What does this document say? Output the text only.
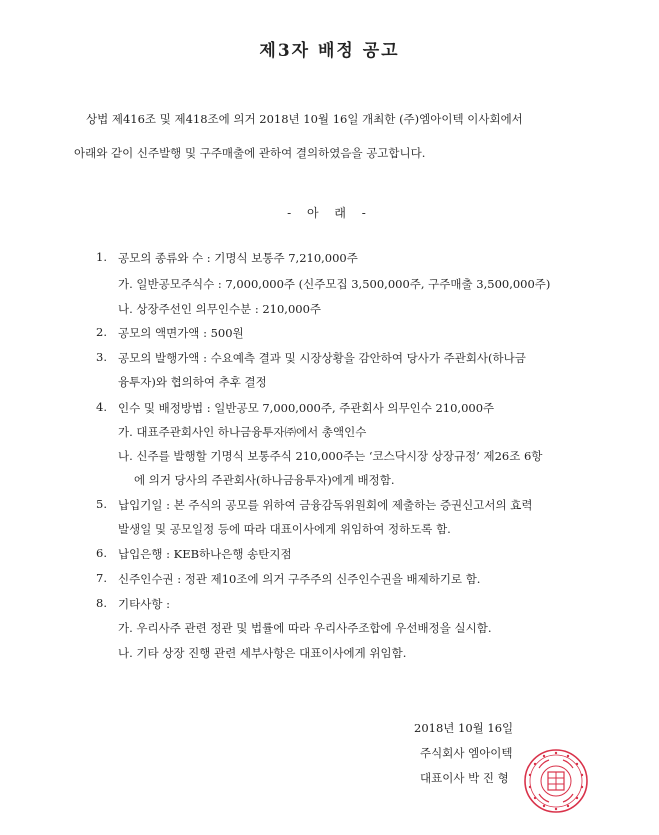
제3자 배정 공고
상법 제416조 및 제418조에 의거 2018년 10월 16일 개최한 (주)엠아이텍 이사회에서
아래와 같이 신주발행 및 구주매출에 관하여 결의하였음을 공고합니다.
- 아 래 -
1. 공모의 종류와 수 : 기명식 보통주 7,210,000주
가. 일반공모주식수 : 7,000,000주 (신주모집 3,500,000주, 구주매출 3,500,000주)
나. 상장주선인 의무인수분 : 210,000주
2. 공모의 액면가액 : 500원
3. 공모의 발행가액 : 수요예측 결과 및 시장상황을 감안하여 당사가 주관회사(하나금
융투자)와 협의하여 추후 결정
4. 인수 및 배정방법 : 일반공모 7,000,000주, 주관회사 의무인수 210,000주
가. 대표주관회사인 하나금융투자㈜에서 총액인수
나. 신주를 발행할 기명식 보통주식 210,000주는 ‘코스닥시장 상장규정’ 제26조 6항
에 의거 당사의 주관회사(하나금융투자)에게 배정함.
5. 납입기일 : 본 주식의 공모를 위하여 금융감독위원회에 제출하는 증권신고서의 효력
발생일 및 공모일정 등에 따라 대표이사에게 위임하여 정하도록 함.
6. 납입은행 : KEB하나은행 송탄지점
7. 신주인수권 : 정관 제10조에 의거 구주주의 신주인수권을 배제하기로 함.
8. 기타사항 :
가. 우리사주 관련 정관 및 법률에 따라 우리사주조합에 우선배정을 실시함.
나. 기타 상장 진행 관련 세부사항은 대표이사에게 위임함.
2018년 10월 16일
주식회사 엠아이텍
대표이사 박 진 형
